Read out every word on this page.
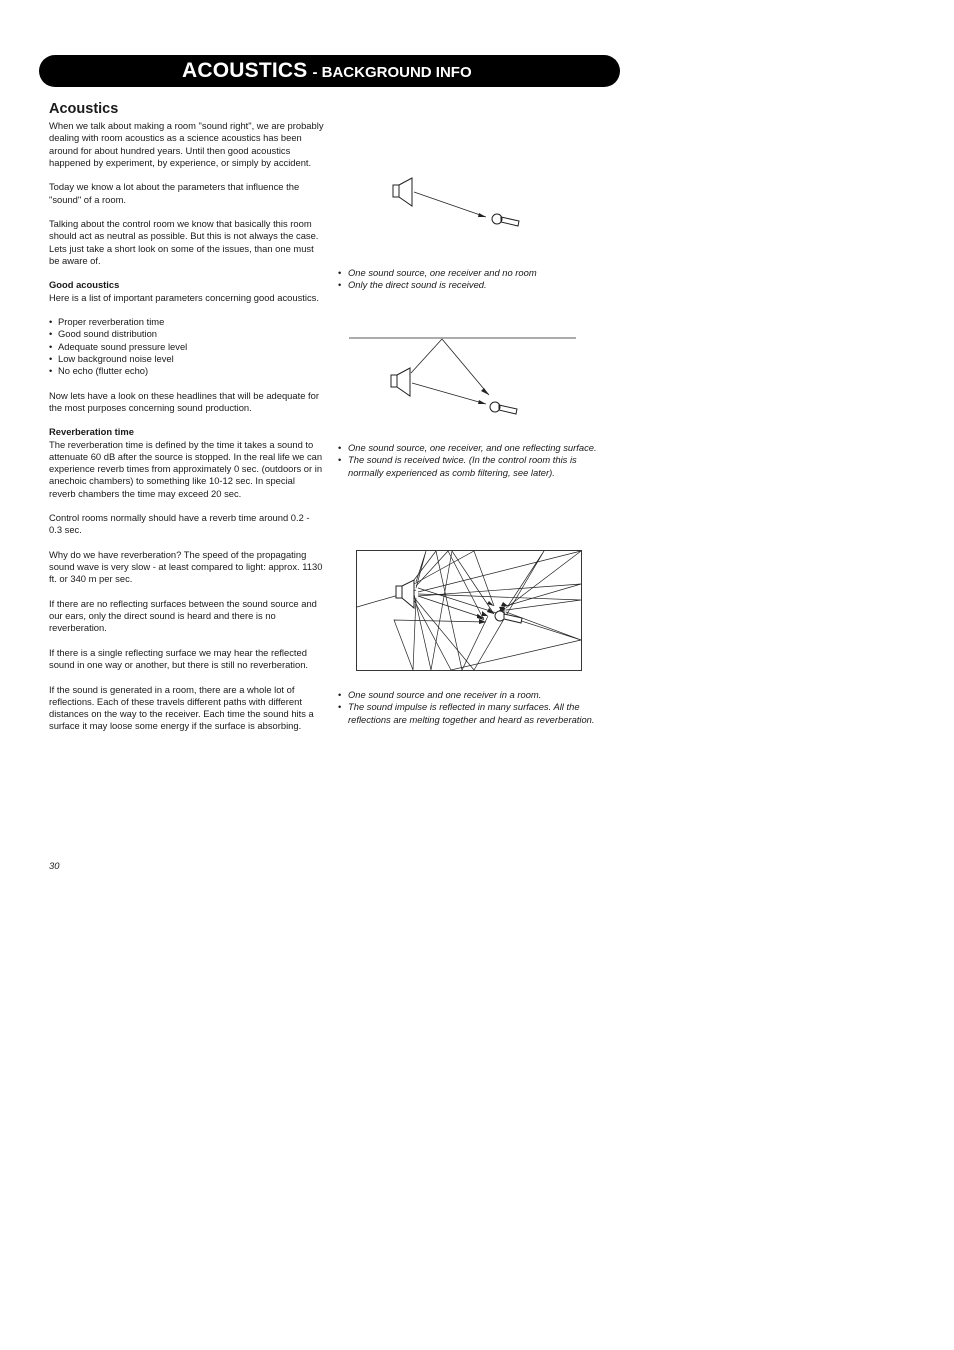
ACOUSTICS - BACKGROUND INFO
Acoustics

When we talk about making a room "sound right", we are probably dealing with room acoustics as a science acoustics has been around for about hundred years. Until then good acoustics happened by experiment, by experience, or simply by accident.

Today we know a lot about the parameters that influence the "sound" of a room.

Talking about the control room we know that basically this room should act as neutral as possible. But this is not always the case. Lets just take a short look on some of the issues, than one must be aware of.

Good acoustics

Here is a list of important parameters concerning good acoustics.

• Proper reverberation time
• Good sound distribution
• Adequate sound pressure level
• Low background noise level
• No echo (flutter echo)

Now lets have a look on these headlines that will be adequate for the most purposes concerning sound production.

Reverberation time

The reverberation time is defined by the time it takes a sound to attenuate 60 dB after the source is stopped. In the real life we can experience reverb times from approximately 0 sec. (outdoors or in anechoic chambers) to something like 10-12 sec. In special reverb chambers the time may exceed 20 sec.

Control rooms normally should have a reverb time around 0.2 - 0.3 sec.

Why do we have reverberation? The speed of the propagating sound wave is very slow - at least compared to light: approx. 1130 ft. or 340 m per sec.

If there are no reflecting surfaces between the sound source and our ears, only the direct sound is heard and there is no reverberation.

If there is a single reflecting surface we may hear the reflected sound in one way or another, but there is still no reverberation.

If the sound is generated in a room, there are a whole lot of reflections. Each of these travels different paths with different distances on the way to the receiver. Each time the sound hits a surface it may loose some energy if the surface is absorbing.

• One sound source, one receiver and no room
• Only the direct sound is received.
• One sound source, one receiver, and one reflecting surface.
• The sound is received twice. (In the control room this is normally experienced as comb filtering, see later).
• One sound source and one receiver in a room.
• The sound impulse is reflected in many surfaces. All the reflections are melting together and heard as reverberation.
30
